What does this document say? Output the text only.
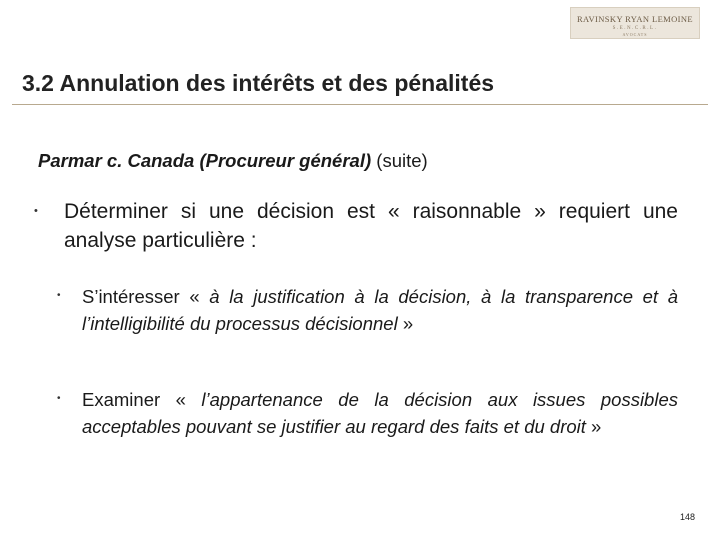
RAVINSKY RYAN LEMOINE
S.E.N.C.R.L.
AVOCATS
3.2 Annulation des intérêts et des pénalités
Parmar c. Canada (Procureur général) (suite)
• Déterminer si une décision est « raisonnable » requiert une analyse particulière :
• S’intéresser « à la justification à la décision, à la transparence et à l’intelligibilité du processus décisionnel »
• Examiner « l’appartenance de la décision aux issues possibles acceptables pouvant se justifier au regard des faits et du droit »
148
